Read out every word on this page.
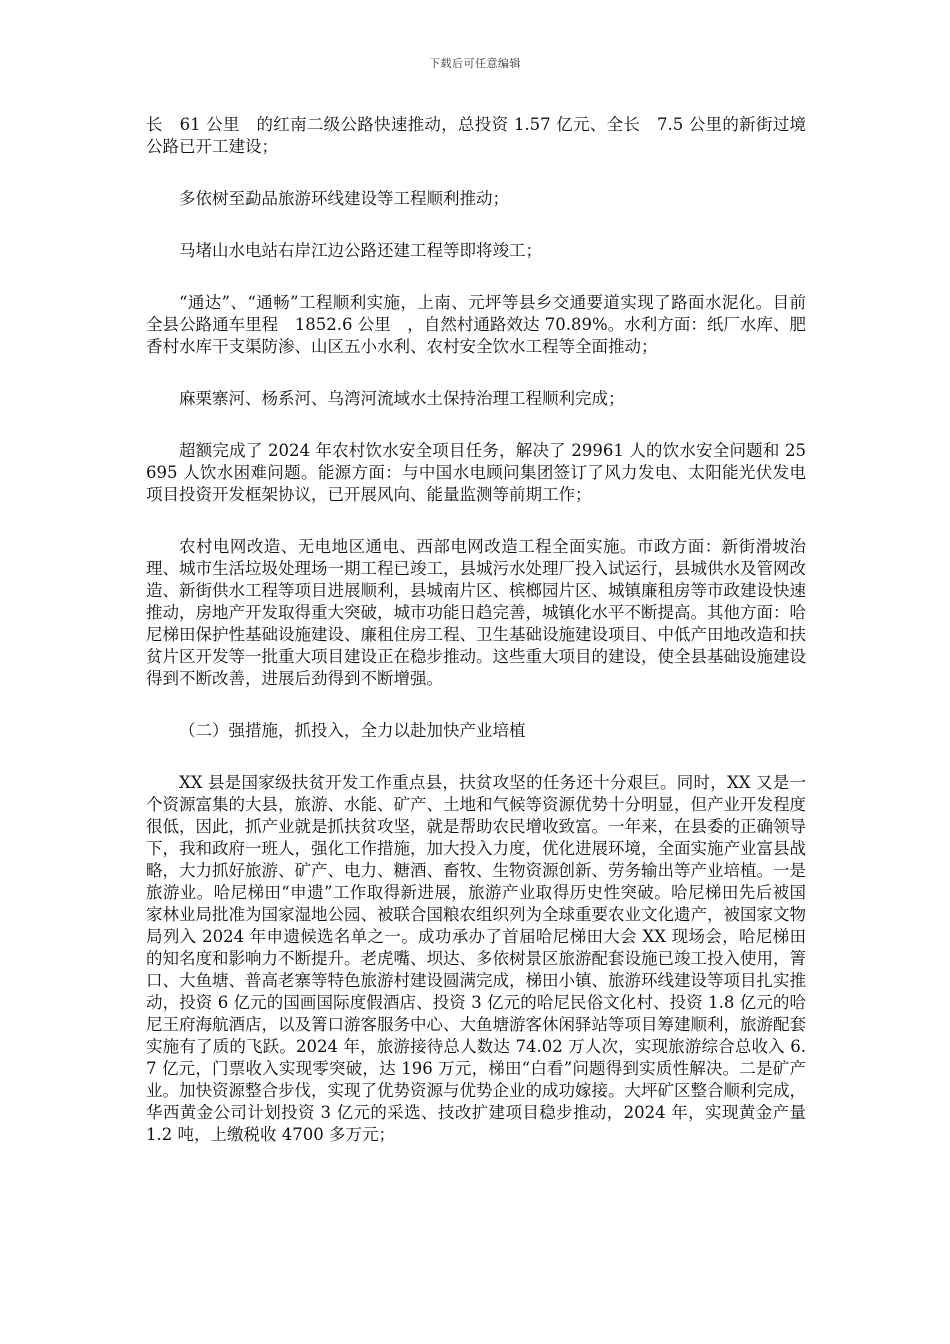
下载后可任意编辑

长　61 公里　的红南二级公路快速推动，总投资 1.57 亿元、全长　7.5 公里的新街过境公路已开工建设；

多依树至勐品旅游环线建设等工程顺利推动；

马堵山水电站右岸江边公路还建工程等即将竣工；

“通达”、“通畅”工程顺利实施，上南、元坪等县乡交通要道实现了路面水泥化。目前全县公路通车里程　1852.6 公里　，自然村通路效达 70.89%。水利方面：纸厂水库、肥香村水库干支渠防渗、山区五小水利、农村安全饮水工程等全面推动；

麻栗寨河、杨系河、乌湾河流域水土保持治理工程顺利完成；

超额完成了 2024 年农村饮水安全项目任务，解决了 29961 人的饮水安全问题和 25695 人饮水困难问题。能源方面：与中国水电顾问集团签订了风力发电、太阳能光伏发电项目投资开发框架协议，已开展风向、能量监测等前期工作；

农村电网改造、无电地区通电、西部电网改造工程全面实施。市政方面：新街滑坡治理、城市生活垃圾处理场一期工程已竣工，县城污水处理厂投入试运行，县城供水及管网改造、新街供水工程等项目进展顺利，县城南片区、槟榔园片区、城镇廉租房等市政建设快速推动，房地产开发取得重大突破，城市功能日趋完善，城镇化水平不断提高。其他方面：哈尼梯田保护性基础设施建设、廉租住房工程、卫生基础设施建设项目、中低产田地改造和扶贫片区开发等一批重大项目建设正在稳步推动。这些重大项目的建设，使全县基础设施建设得到不断改善，进展后劲得到不断增强。

（二）强措施，抓投入，全力以赴加快产业培植

XX 县是国家级扶贫开发工作重点县，扶贫攻坚的任务还十分艰巨。同时，XX 又是一个资源富集的大县，旅游、水能、矿产、土地和气候等资源优势十分明显，但产业开发程度很低，因此，抓产业就是抓扶贫攻坚，就是帮助农民增收致富。一年来，在县委的正确领导下，我和政府一班人，强化工作措施，加大投入力度，优化进展环境，全面实施产业富县战略，大力抓好旅游、矿产、电力、糖酒、畜牧、生物资源创新、劳务输出等产业培植。一是旅游业。哈尼梯田“申遗”工作取得新进展，旅游产业取得历史性突破。哈尼梯田先后被国家林业局批准为国家湿地公园、被联合国粮农组织列为全球重要农业文化遗产，被国家文物局列入 2024 年申遗候选名单之一。成功承办了首届哈尼梯田大会 XX 现场会，哈尼梯田的知名度和影响力不断提升。老虎嘴、坝达、多依树景区旅游配套设施已竣工投入使用，箐口、大鱼塘、普高老寨等特色旅游村建设圆满完成，梯田小镇、旅游环线建设等项目扎实推动，投资 6 亿元的国画国际度假酒店、投资 3 亿元的哈尼民俗文化村、投资 1.8 亿元的哈尼王府海航酒店，以及箐口游客服务中心、大鱼塘游客休闲驿站等项目筹建顺利，旅游配套实施有了质的飞跃。2024 年，旅游接待总人数达 74.02 万人次，实现旅游综合总收入 6.7 亿元，门票收入实现零突破，达 196 万元，梯田“白看”问题得到实质性解决。二是矿产业。加快资源整合步伐，实现了优势资源与优势企业的成功嫁接。大坪矿区整合顺利完成，华西黄金公司计划投资 3 亿元的采选、技改扩建项目稳步推动，2024 年，实现黄金产量 1.2 吨，上缴税收 4700 多万元；
